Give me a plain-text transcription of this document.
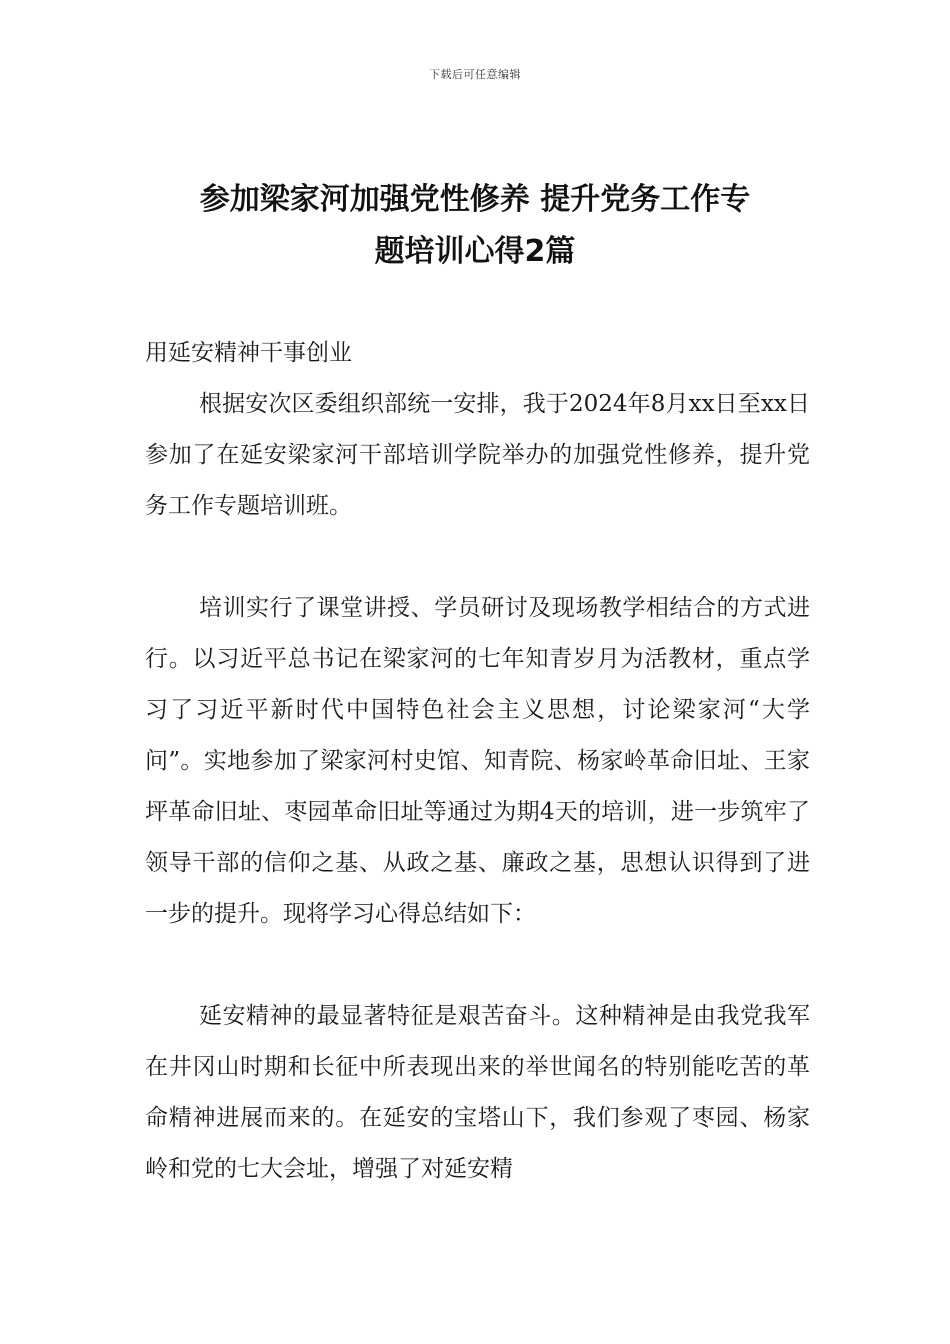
下载后可任意编辑
参加梁家河加强党性修养 提升党务工作专
题培训心得2篇

用延安精神干事创业

根据安次区委组织部统一安排，我于2024年8月xx日至xx日参加了在延安梁家河干部培训学院举办的加强党性修养，提升党务工作专题培训班。

培训实行了课堂讲授、学员研讨及现场教学相结合的方式进行。以习近平总书记在梁家河的七年知青岁月为活教材，重点学习了习近平新时代中国特色社会主义思想，讨论梁家河“大学问”。实地参加了梁家河村史馆、知青院、杨家岭革命旧址、王家坪革命旧址、枣园革命旧址等通过为期4天的培训，进一步筑牢了领导干部的信仰之基、从政之基、廉政之基，思想认识得到了进一步的提升。现将学习心得总结如下：

延安精神的最显著特征是艰苦奋斗。这种精神是由我党我军在井冈山时期和长征中所表现出来的举世闻名的特别能吃苦的革命精神进展而来的。在延安的宝塔山下，我们参观了枣园、杨家岭和党的七大会址，增强了对延安精
